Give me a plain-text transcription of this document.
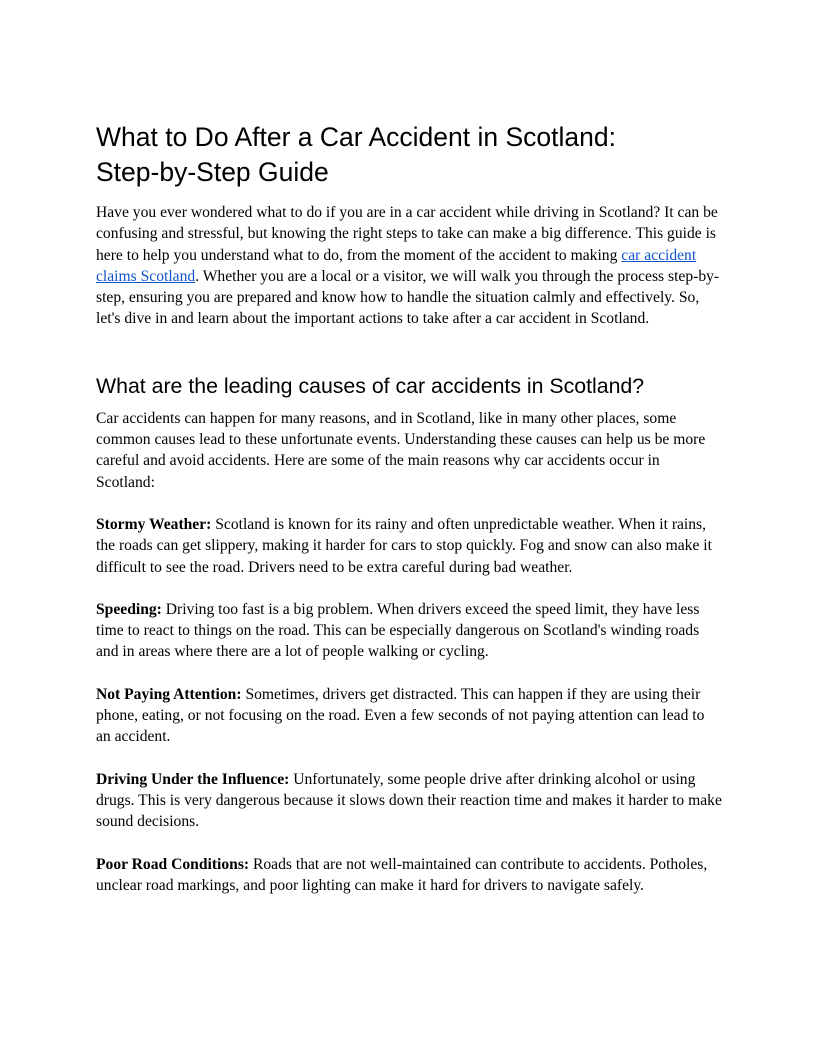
What to Do After a Car Accident in Scotland:
Step-by-Step Guide

Have you ever wondered what to do if you are in a car accident while driving in Scotland? It can be confusing and stressful, but knowing the right steps to take can make a big difference. This guide is here to help you understand what to do, from the moment of the accident to making car accident claims Scotland. Whether you are a local or a visitor, we will walk you through the process step-by-step, ensuring you are prepared and know how to handle the situation calmly and effectively. So, let's dive in and learn about the important actions to take after a car accident in Scotland.

What are the leading causes of car accidents in Scotland?

Car accidents can happen for many reasons, and in Scotland, like in many other places, some common causes lead to these unfortunate events. Understanding these causes can help us be more careful and avoid accidents. Here are some of the main reasons why car accidents occur in Scotland:

Stormy Weather: Scotland is known for its rainy and often unpredictable weather. When it rains, the roads can get slippery, making it harder for cars to stop quickly. Fog and snow can also make it difficult to see the road. Drivers need to be extra careful during bad weather.

Speeding: Driving too fast is a big problem. When drivers exceed the speed limit, they have less time to react to things on the road. This can be especially dangerous on Scotland's winding roads and in areas where there are a lot of people walking or cycling.

Not Paying Attention: Sometimes, drivers get distracted. This can happen if they are using their phone, eating, or not focusing on the road. Even a few seconds of not paying attention can lead to an accident.

Driving Under the Influence: Unfortunately, some people drive after drinking alcohol or using drugs. This is very dangerous because it slows down their reaction time and makes it harder to make sound decisions.

Poor Road Conditions: Roads that are not well-maintained can contribute to accidents. Potholes, unclear road markings, and poor lighting can make it hard for drivers to navigate safely.
